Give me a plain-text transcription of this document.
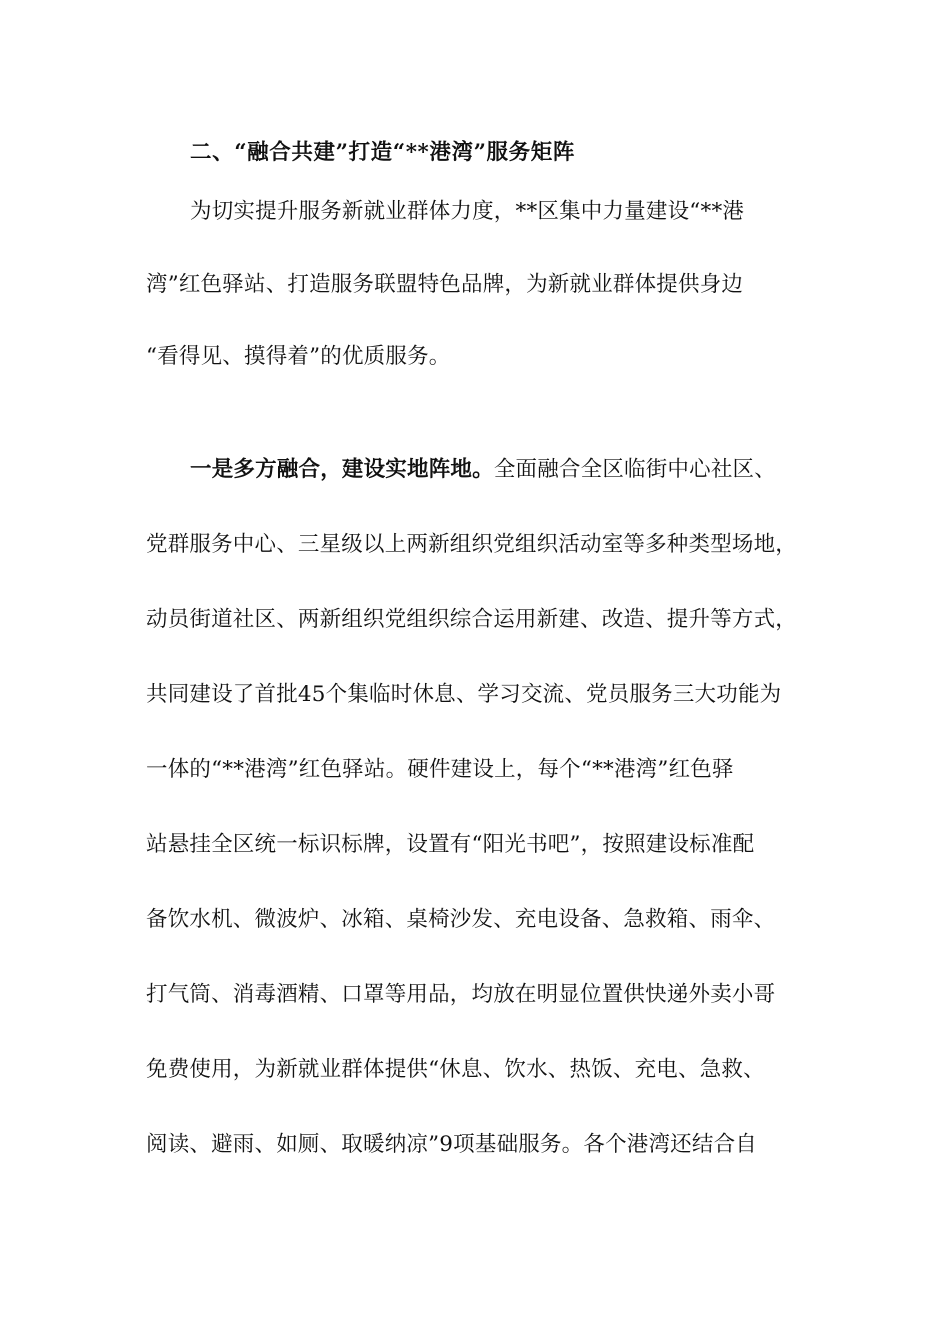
二、“融合共建”打造“**港湾”服务矩阵
为切实提升服务新就业群体力度，**区集中力量建设“**港
湾”红色驿站、打造服务联盟特色品牌，为新就业群体提供身边
“看得见、摸得着”的优质服务。
一是多方融合，建设实地阵地。全面融合全区临街中心社区、
党群服务中心、三星级以上两新组织党组织活动室等多种类型场地，
动员街道社区、两新组织党组织综合运用新建、改造、提升等方式，
共同建设了首批45个集临时休息、学习交流、党员服务三大功能为
一体的“**港湾”红色驿站。硬件建设上，每个“**港湾”红色驿
站悬挂全区统一标识标牌，设置有“阳光书吧”，按照建设标准配
备饮水机、微波炉、冰箱、桌椅沙发、充电设备、急救箱、雨伞、
打气筒、消毒酒精、口罩等用品，均放在明显位置供快递外卖小哥
免费使用，为新就业群体提供“休息、饮水、热饭、充电、急救、
阅读、避雨、如厕、取暖纳凉”9项基础服务。各个港湾还结合自
